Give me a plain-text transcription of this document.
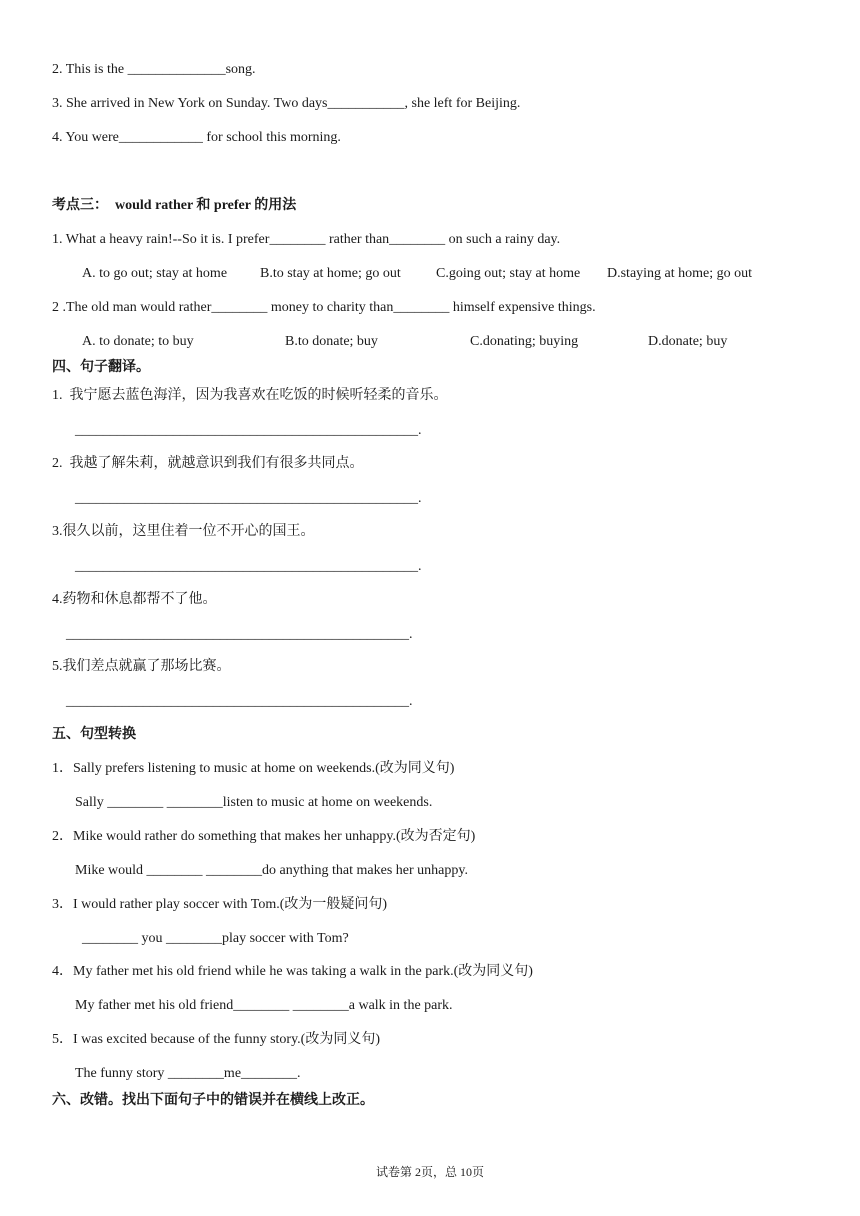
2. This is the ______________song.
3. She arrived in New York on Sunday. Two days___________, she left for Beijing.
4. You were____________ for school this morning.
考点三：  would rather 和 prefer 的用法
1. What a heavy rain!--So it is. I prefer________ rather than________ on such a rainy day.
A. to go out; stay at home B.to stay at home; go out	C.going out; stay at home D.staying at home; go out
2 .The old man would rather________ money to charity than________ himself expensive things.
A. to donate; to buy	B.to donate; buy	C.donating; buying	D.donate; buy
四、句子翻译。
1.  我宁愿去蓝色海洋，因为我喜欢在吃饭的时候听轻柔的音乐。
_________________________________________________.
2.  我越了解朱莉，就越意识到我们有很多共同点。
_________________________________________________.
3.很久以前，这里住着一位不开心的国王。
_________________________________________________.
4.药物和休息都帮不了他。
_________________________________________________.
5.我们差点就赢了那场比赛。
_________________________________________________.
五、句型转换
1．Sally prefers listening to music at home on weekends.(改为同义句)
Sally ________ ________listen to music at home on weekends.
2．Mike would rather do something that makes her unhappy.(改为否定句)
Mike would ________ ________do anything that makes her unhappy.
3．I would rather play soccer with Tom.(改为一般疑问句)
________ you ________play soccer with Tom?
4．My father met his old friend while he was taking a walk in the park.(改为同义句)
My father met his old friend________ ________a walk in the park.
5．I was excited because of the funny story.(改为同义句)
The funny story ________me________.
六、改错。找出下面句子中的错误并在横线上改正。
试卷第 2页，总 10页
